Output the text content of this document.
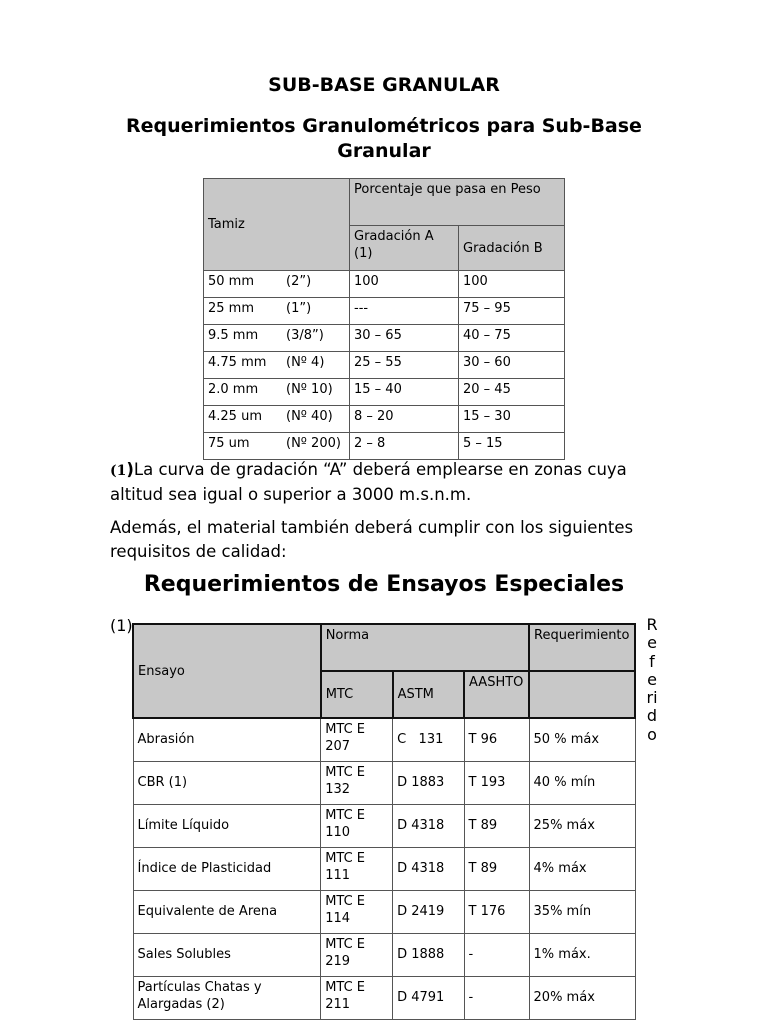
SUB-BASE GRANULAR
Requerimientos Granulométricos para Sub-Base Granular
Tamiz	Porcentaje que pasa en Peso	
	Gradación A (1)	Gradación B
50 mm (2”)	100	100
25 mm (1”)	---	75 – 95
9.5 mm (3/8”)	30 – 65	40 – 75
4.75 mm (Nº 4)	25 – 55	30 – 60
2.0 mm (Nº 10)	15 – 40	20 – 45
4.25 um (Nº 40)	8 – 20	15 – 30
75 um (Nº 200)	2 – 8	5 – 15
(1)La curva de gradación “A” deberá emplearse en zonas cuya altitud sea igual o superior a 3000 m.s.n.m.
Además, el material también deberá cumplir con los siguientes requisitos de calidad:
Requerimientos de Ensayos Especiales
(1)	R
e
f
e
ri
d
o
Ensayo	Norma			Requerimiento
	MTC	ASTM	AASHTO	
Abrasión	MTC E 207	C   131	T 96	50 % máx
CBR (1)	MTC E 132	D 1883	T 193	40 % mín
Límite Líquido	MTC E 110	D 4318	T 89	25% máx
Índice de Plasticidad	MTC E 111	D 4318	T 89	4% máx
Equivalente de Arena	MTC E 114	D 2419	T 176	35% mín
Sales Solubles	MTC E 219	D 1888	-	1% máx.
Partículas Chatas y Alargadas (2)	MTC E 211	D 4791	-	20% máx
